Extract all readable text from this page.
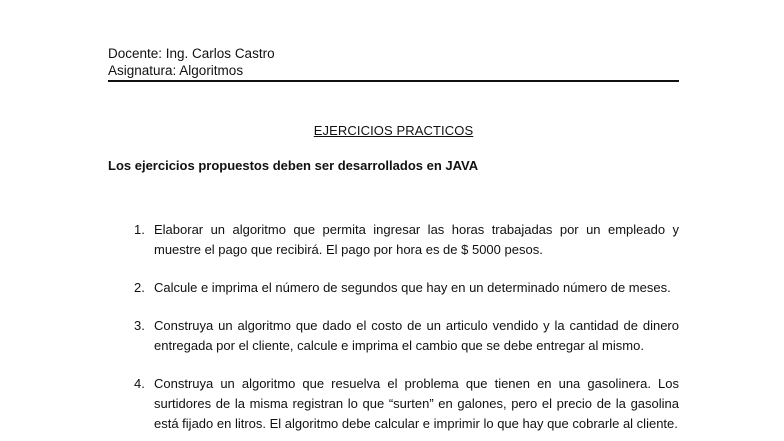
Docente: Ing. Carlos Castro
Asignatura: Algoritmos
EJERCICIOS PRACTICOS
Los ejercicios propuestos deben ser desarrollados en JAVA
1. Elaborar un algoritmo que permita ingresar las horas trabajadas por un empleado y muestre el pago que recibirá. El pago por hora es de $ 5000 pesos.
2. Calcule e imprima el número de segundos que hay en un determinado número de meses.
3. Construya un algoritmo que dado el costo de un articulo vendido y la cantidad de dinero entregada por el cliente, calcule e imprima el cambio que se debe entregar al mismo.
4. Construya un algoritmo que resuelva el problema que tienen en una gasolinera. Los surtidores de la misma registran lo que “surten” en galones, pero el precio de la gasolina está fijado en litros. El algoritmo debe calcular e imprimir lo que hay que cobrarle al cliente.
